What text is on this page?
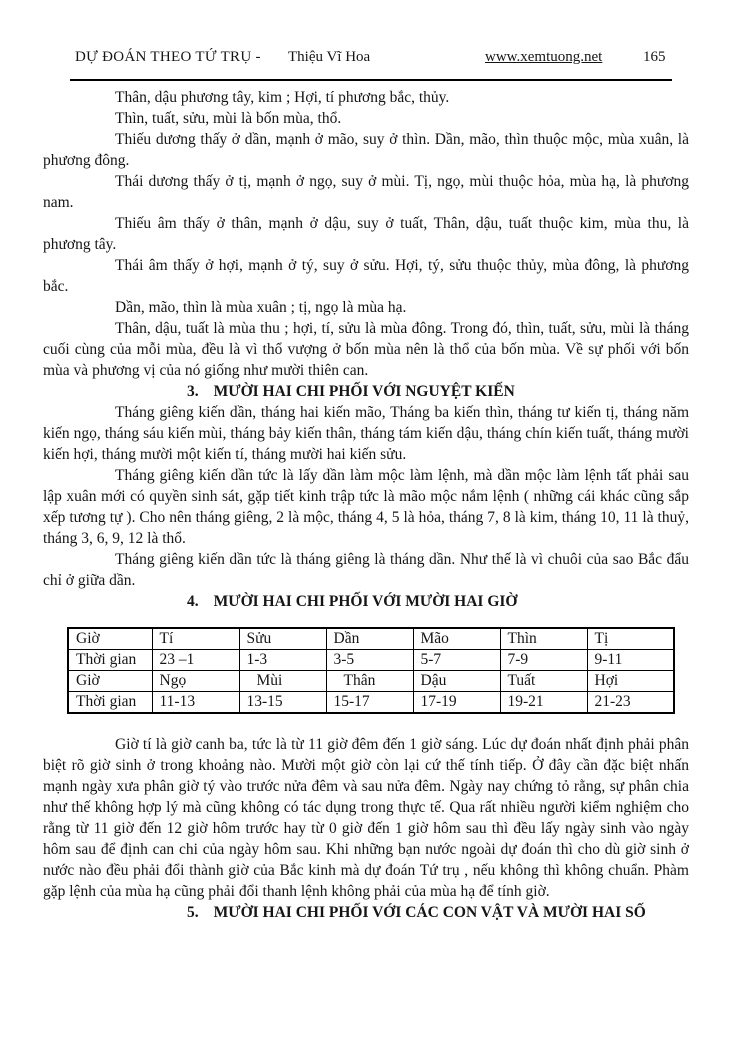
DỰ ĐOÁN THEO TỨ TRỤ - Thiệu Vĩ Hoa	www.xemtuong.net	165

Thân, dậu phương tây, kim ; Hợi, tí phương bắc, thủy.

Thìn, tuất, sửu, mùi là bốn mùa, thổ.

Thiếu dương thấy ở dần, mạnh ở mão, suy ở thìn. Dần, mão, thìn thuộc mộc, mùa xuân, là phương đông.

Thái dương thấy ở tị, mạnh ở ngọ, suy ở mùi. Tị, ngọ, mùi thuộc hỏa, mùa hạ, là phương nam.

Thiếu âm thấy ở thân, mạnh ở dậu, suy ở tuất, Thân, dậu, tuất thuộc kim, mùa thu, là phương tây.

Thái âm thấy ở hợi, mạnh ở tý, suy ở sửu. Hợi, tý, sửu thuộc thủy, mùa đông, là phương bắc.

Dần, mão, thìn là mùa xuân ; tị, ngọ là mùa hạ.

Thân, dậu, tuất là mùa thu ; hợi, tí, sửu là mùa đông. Trong đó, thìn, tuất, sửu, mùi là tháng cuối cùng của mỗi mùa, đều là vì thổ vượng ở bốn mùa nên là thổ của bốn mùa. Về sự phối với bốn mùa và phương vị của nó giống như mười thiên can.

3. MƯỜI HAI CHI PHỐI VỚI NGUYỆT KIẾN

Tháng giêng kiến dần, tháng hai kiến mão, Tháng ba kiến thìn, tháng tư kiến tị, tháng năm kiến ngọ, tháng sáu kiến mùi, tháng bảy kiến thân, tháng tám kiến dậu, tháng chín kiến tuất, tháng mười kiến hợi, tháng mười một kiến tí, tháng mười hai kiến sửu.

Tháng giêng kiến dần tức là lấy dần làm mộc làm lệnh, mà dần mộc làm lệnh tất phải sau lập xuân mới có quyền sinh sát, gặp tiết kinh trập tức là mão mộc nắm lệnh ( những cái khác cũng sắp xếp tương tự ). Cho nên tháng giêng, 2 là mộc, tháng 4, 5 là hỏa, tháng 7, 8 là kim, tháng 10, 11 là thuỷ, tháng 3, 6, 9, 12 là thổ.

Tháng giêng kiến dần tức là tháng giêng là tháng dần. Như thế là vì chuôi của sao Bắc đẩu chỉ ở giữa dần.

4. MƯỜI HAI CHI PHỐI VỚI MƯỜI HAI GIỜ

Giờ	Tí	Sửu	Dần	Mão	Thìn	Tị
Thời gian	23 –1	1-3	3-5	5-7	7-9	9-11
Giờ	Ngọ	Mùi	Thân	Dậu	Tuất	Hợi
Thời gian	11-13	13-15	15-17	17-19	19-21	21-23

Giờ tí là giờ canh ba, tức là từ 11 giờ đêm đến 1 giờ sáng. Lúc dự đoán nhất định phải phân biệt rõ giờ sinh ở trong khoảng nào. Mười một giờ còn lại cứ thế tính tiếp. Ở đây cần đặc biệt nhấn mạnh ngày xưa phân giờ tý vào trước nửa đêm và sau nửa đêm. Ngày nay chứng tỏ rằng, sự phân chia như thế không hợp lý mà cũng không có tác dụng trong thực tế. Qua rất nhiều người kiểm nghiệm cho rằng từ 11 giờ đến 12 giờ hôm trước hay từ 0 giờ đến 1 giờ hôm sau thì đều lấy ngày sinh vào ngày hôm sau để định can chi của ngày hôm sau. Khi những bạn nước ngoài dự đoán thì cho dù giờ sinh ở nước nào đều phải đổi thành giờ của Bắc kinh mà dự đoán Tứ trụ , nếu không thì không chuẩn. Phàm gặp lệnh của mùa hạ cũng phải đổi thanh lệnh không phải của mùa hạ để tính giờ.

5. MƯỜI HAI CHI PHỐI VỚI CÁC CON VẬT VÀ MƯỜI HAI SỐ
